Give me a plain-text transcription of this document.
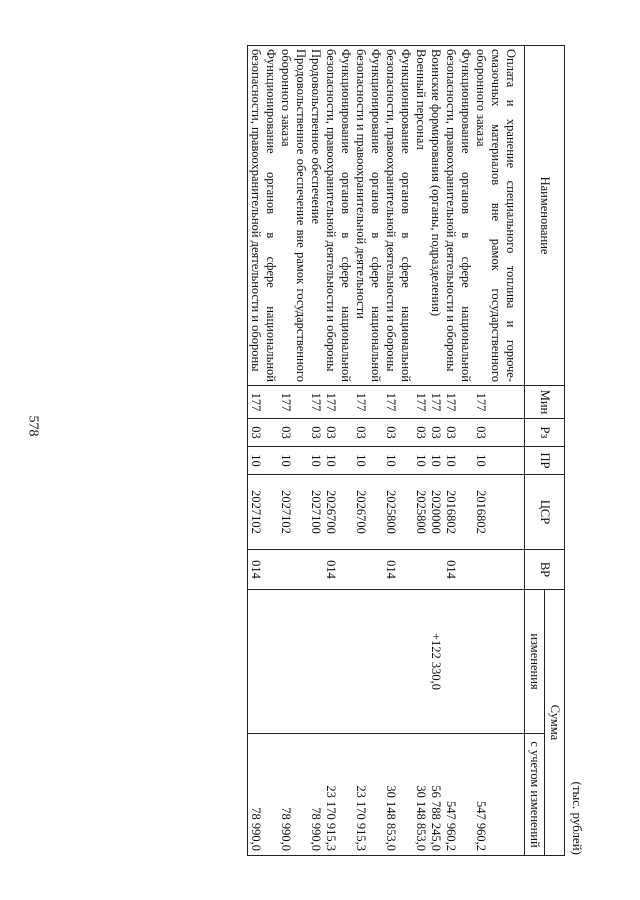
578
(тыс. рублей)
Наименование	Мин	Рз	ПР	ЦСР	ВР	Сумма	
						изменения	с учетом изменений
Оплата и хранение специального топлива и горюче-смазочных материалов вне рамок государственного оборонного заказа	177	03	10	2016802			547 960,2
Функционирование органов в сфере национальной безопасности, правоохранительной деятельности и обороны	177	03	10	2016802	014		547 960,2
Воинские формирования (органы, подразделения)	177	03	10	2020000		+122 330,0	56 788 245,0
Военный персонал	177	03	10	2025800			30 148 853,0
Функционирование органов в сфере национальной безопасности, правоохранительной деятельности и обороны	177	03	10	2025800	014		30 148 853,0
Функционирование органов в сфере национальной безопасности и правоохранительной деятельности	177	03	10	2026700			23 170 915,3
Функционирование органов в сфере национальной безопасности, правоохранительной деятельности и обороны	177	03	10	2026700	014		23 170 915,3
Продовольственное обеспечение	177	03	10	2027100			78 990,0
Продовольственное обеспечение вне рамок государственного оборонного заказа	177	03	10	2027102			78 990,0
Функционирование органов в сфере национальной безопасности, правоохранительной деятельности и обороны	177	03	10	2027102	014		78 990,0
